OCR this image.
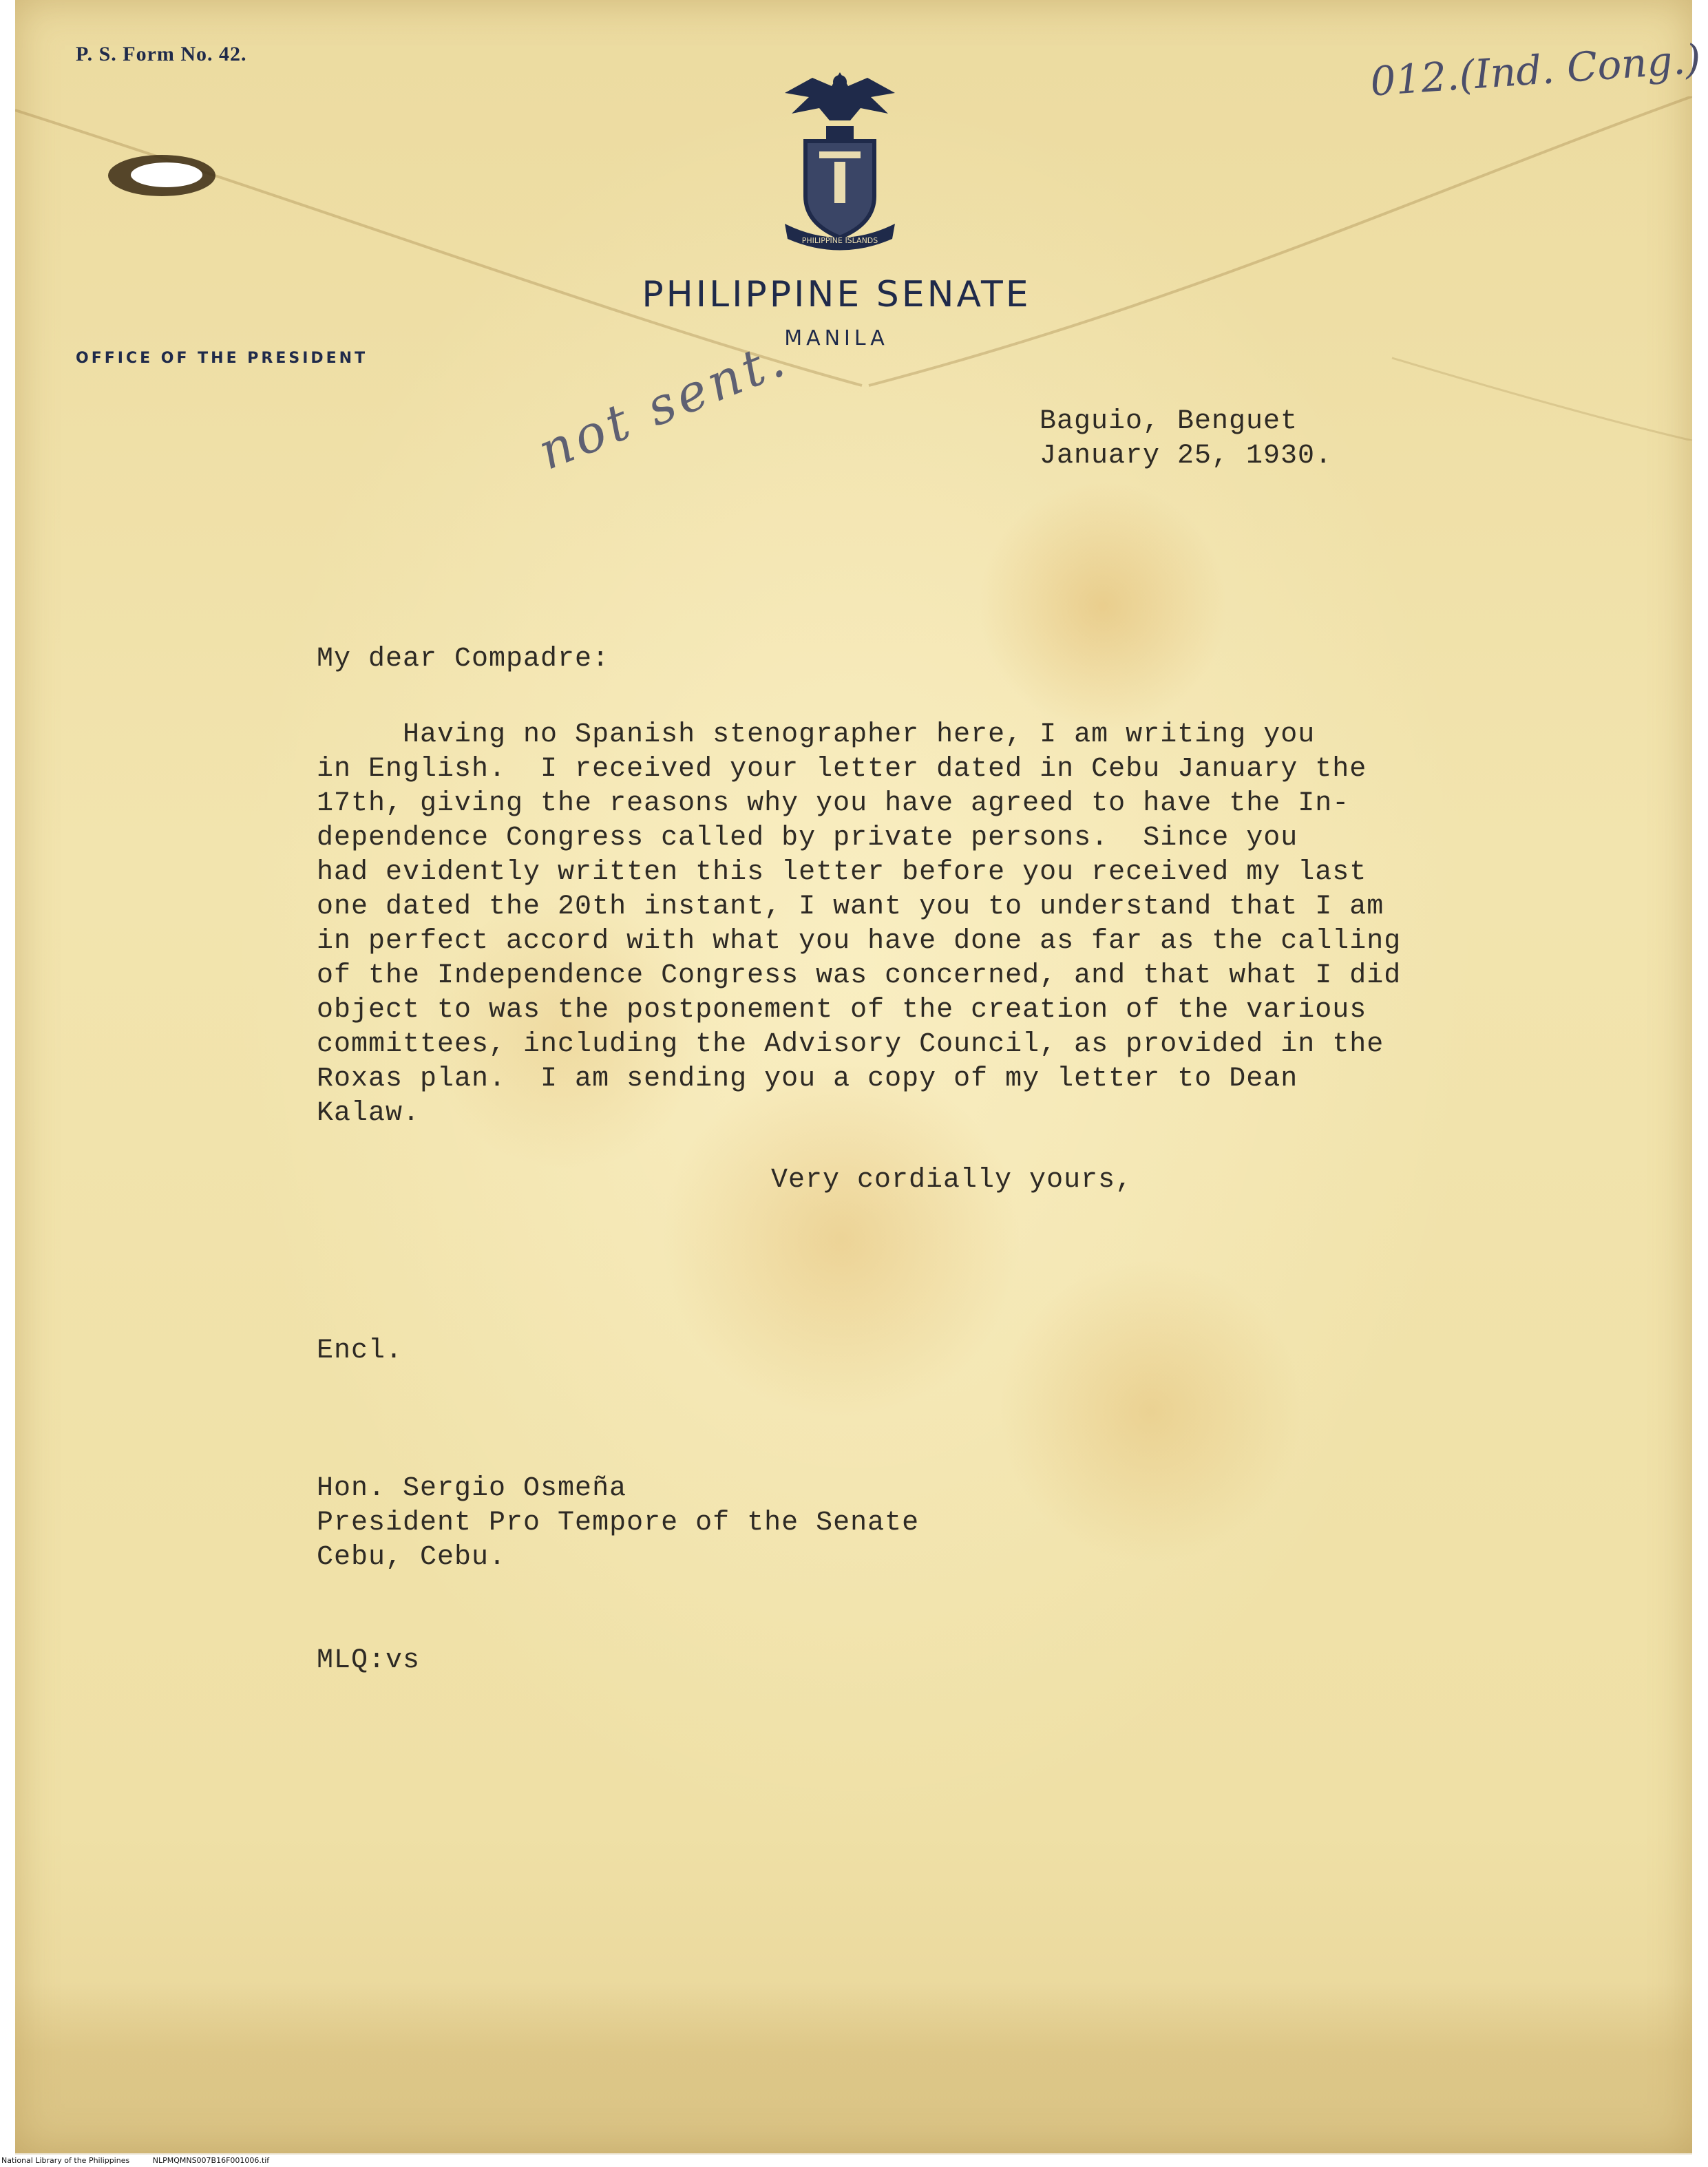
P. S. Form No. 42.
PHILIPPINE ISLANDS
PHILIPPINE SENATE
MANILA
OFFICE OF THE PRESIDENT
012.(Ind. Cong.)
not sent.	Baguio, Benguet
January 25, 1930.
My dear Compadre:
Having no Spanish stenographer here, I am writing you
in English.  I received your letter dated in Cebu January the
17th, giving the reasons why you have agreed to have the In-
dependence Congress called by private persons.  Since you
had evidently written this letter before you received my last
one dated the 20th instant, I want you to understand that I am
in perfect accord with what you have done as far as the calling
of the Independence Congress was concerned, and that what I did
object to was the postponement of the creation of the various
committees, including the Advisory Council, as provided in the
Roxas plan.  I am sending you a copy of my letter to Dean
Kalaw.
Very cordially yours,
Encl.
Hon. Sergio Osmeña
President Pro Tempore of the Senate
Cebu, Cebu.
MLQ:vs
National Library of the Philippines	NLPMQMNS007B16F001006.tif
